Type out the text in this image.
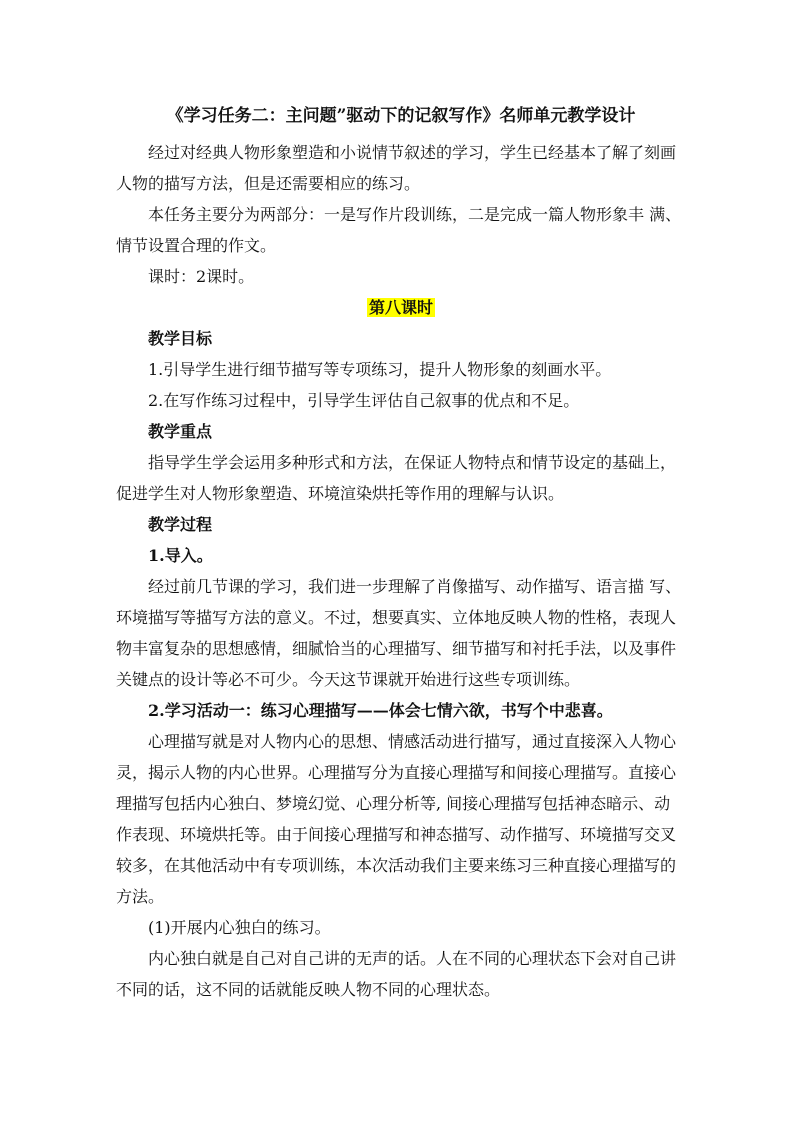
《学习任务二：主问题”驱动下的记叙写作》名师单元教学设计

经过对经典人物形象塑造和小说情节叙述的学习，学生已经基本了解了刻画人物的描写方法，但是还需要相应的练习。

本任务主要分为两部分：一是写作片段训练，二是完成一篇人物形象丰 满、情节设置合理的作文。

课时：2课时。

第八课时

教学目标

1.引导学生进行细节描写等专项练习，提升人物形象的刻画水平。

2.在写作练习过程中，引导学生评估自己叙事的优点和不足。

教学重点

指导学生学会运用多种形式和方法，在保证人物特点和情节设定的基础上，促进学生对人物形象塑造、环境渲染烘托等作用的理解与认识。

教学过程

1.导入。

经过前几节课的学习，我们进一步理解了肖像描写、动作描写、语言描 写、环境描写等描写方法的意义。不过，想要真实、立体地反映人物的性格，表现人物丰富复杂的思想感情，细腻恰当的心理描写、细节描写和衬托手法，以及事件关键点的设计等必不可少。今天这节课就开始进行这些专项训练。

2.学习活动一：练习心理描写——体会七情六欲，书写个中悲喜。

心理描写就是对人物内心的思想、情感活动进行描写，通过直接深入人物心灵，揭示人物的内心世界。心理描写分为直接心理描写和间接心理描写。直接心理描写包括内心独白、梦境幻觉、心理分析等, 间接心理描写包括神态暗示、动作表现、环境烘托等。由于间接心理描写和神态描写、动作描写、环境描写交叉较多，在其他活动中有专项训练，本次活动我们主要来练习三种直接心理描写的方法。

(1)开展内心独白的练习。

内心独白就是自己对自己讲的无声的话。人在不同的心理状态下会对自己讲不同的话，这不同的话就能反映人物不同的心理状态。
